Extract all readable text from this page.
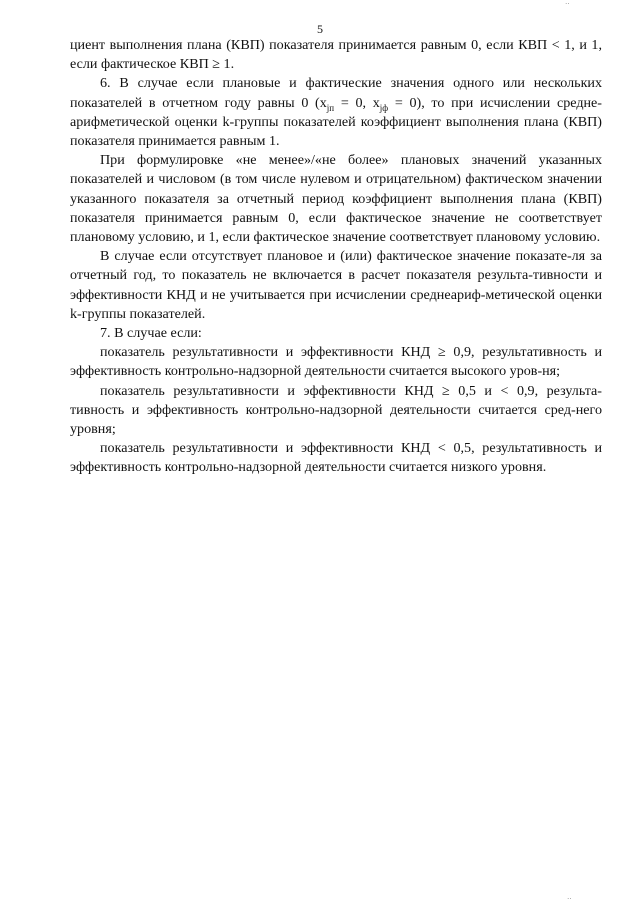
··
5

циент выполнения плана (КВП) показателя принимается равным 0, если КВП < 1, и 1, если фактическое КВП ≥ 1.

6. В случае если плановые и фактические значения одного или нескольких показателей в отчетном году равны 0 ($x_{jп} = 0$, $x_{jф} = 0$), то при исчислении средне-арифметической оценки k-группы показателей коэффициент выполнения плана (КВП) показателя принимается равным 1.

При формулировке «не менее»/«не более» плановых значений указанных показателей и числовом (в том числе нулевом и отрицательном) фактическом значении указанного показателя за отчетный период коэффициент выполнения плана (КВП) показателя принимается равным 0, если фактическое значение не соответствует плановому условию, и 1, если фактическое значение соответствует плановому условию.

В случае если отсутствует плановое и (или) фактическое значение показате-ля за отчетный год, то показатель не включается в расчет показателя результа-тивности и эффективности КНД и не учитывается при исчислении среднеариф-метической оценки k-группы показателей.

7. В случае если:

показатель результативности и эффективности КНД ≥ 0,9, результативность и эффективность контрольно-надзорной деятельности считается высокого уров-ня;

показатель результативности и эффективности КНД ≥ 0,5 и < 0,9, результа-тивность и эффективность контрольно-надзорной деятельности считается сред-него уровня;

показатель результативности и эффективности КНД < 0,5, результативность и эффективность контрольно-надзорной деятельности считается низкого уровня.

··
